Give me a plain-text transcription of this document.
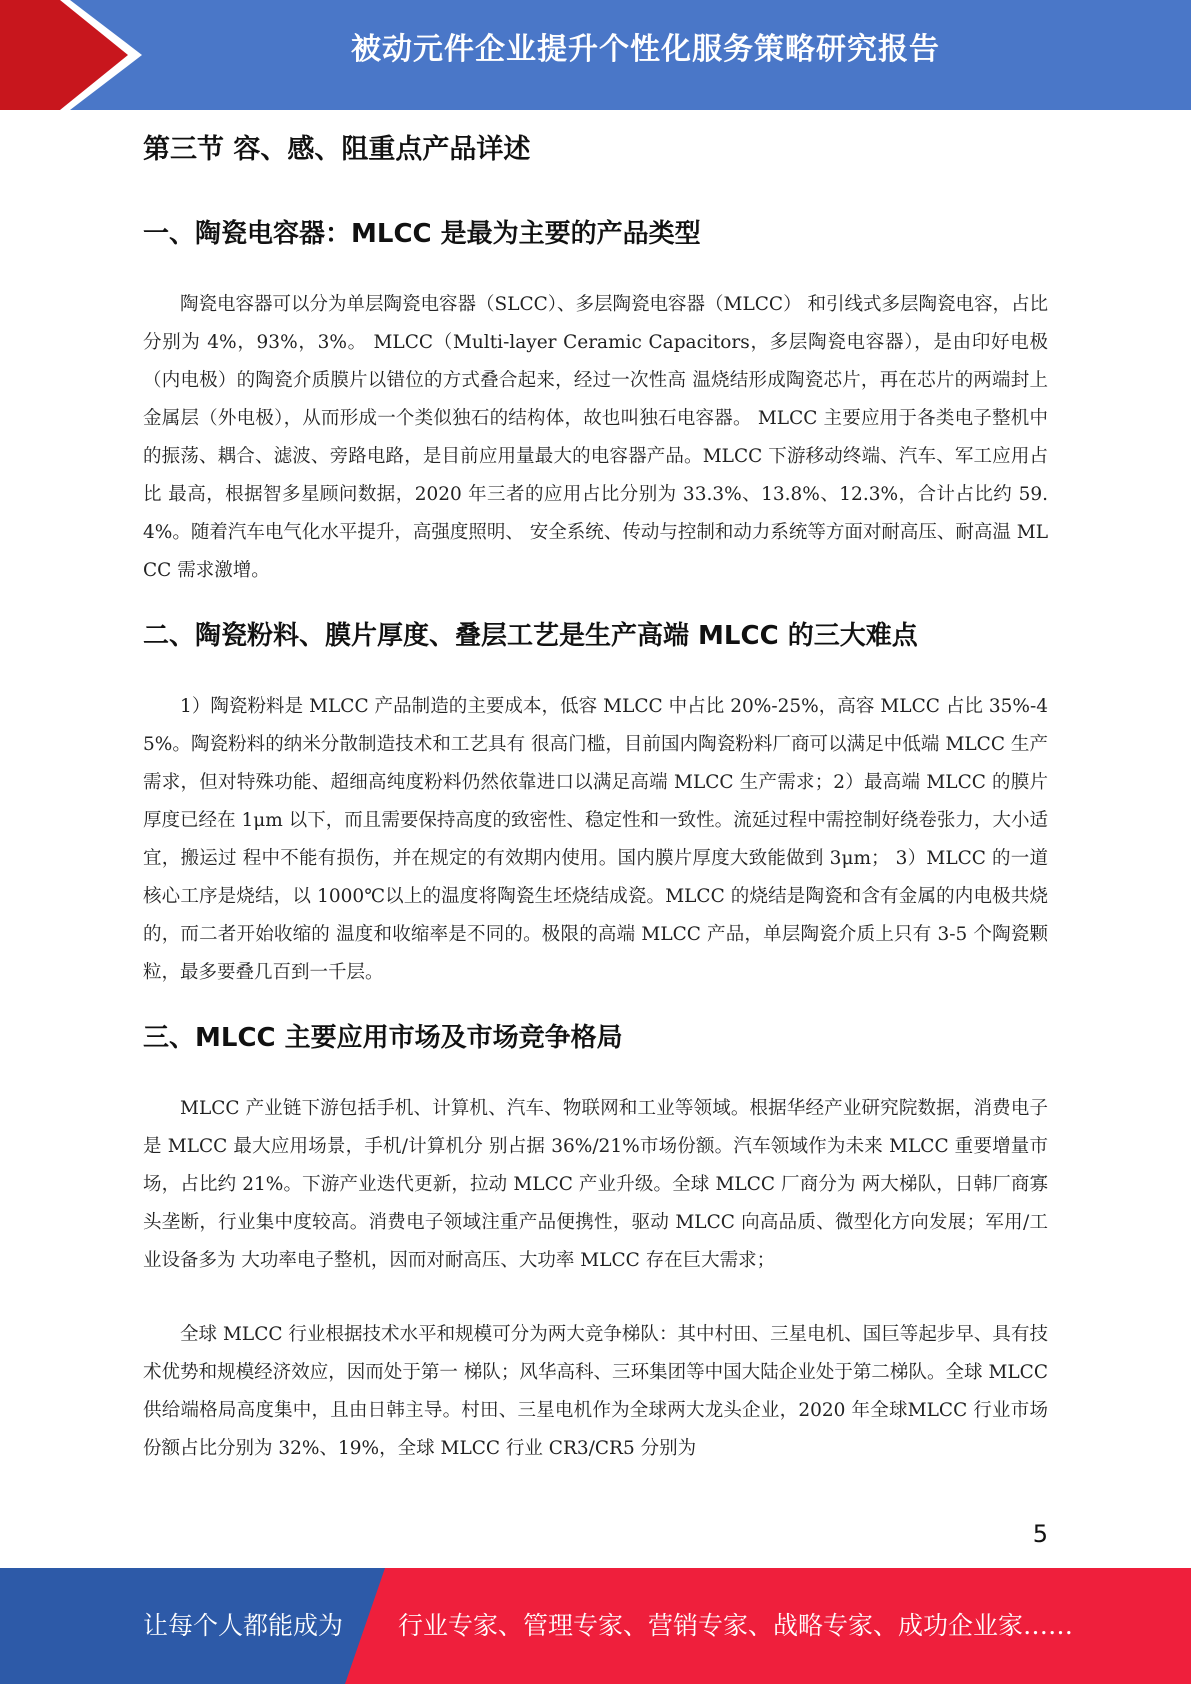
被动元件企业提升个性化服务策略研究报告
第三节 容、感、阻重点产品详述
一、陶瓷电容器：MLCC 是最为主要的产品类型

陶瓷电容器可以分为单层陶瓷电容器（SLCC）、多层陶瓷电容器（MLCC） 和引线式多层陶瓷电容，占比分别为 4%，93%，3%。 MLCC（Multi-layer Ceramic Capacitors，多层陶瓷电容器），是由印好电极（内电极）的陶瓷介质膜片以错位的方式叠合起来，经过一次性高 温烧结形成陶瓷芯片，再在芯片的两端封上金属层（外电极），从而形成一个类似独石的结构体，故也叫独石电容器。 MLCC 主要应用于各类电子整机中的振荡、耦合、滤波、旁路电路，是目前应用量最大的电容器产品。MLCC 下游移动终端、汽车、军工应用占比 最高，根据智多星顾问数据，2020 年三者的应用占比分别为 33.3%、13.8%、12.3%，合计占比约 59.4%。随着汽车电气化水平提升，高强度照明、 安全系统、传动与控制和动力系统等方面对耐高压、耐高温 MLCC 需求激增。

二、陶瓷粉料、膜片厚度、叠层工艺是生产高端 MLCC 的三大难点

1）陶瓷粉料是 MLCC 产品制造的主要成本，低容 MLCC 中占比 20%-25%，高容 MLCC 占比 35%-45%。陶瓷粉料的纳米分散制造技术和工艺具有 很高门槛，目前国内陶瓷粉料厂商可以满足中低端 MLCC 生产需求，但对特殊功能、超细高纯度粉料仍然依靠进口以满足高端 MLCC 生产需求；2）最高端 MLCC 的膜片厚度已经在 1μm 以下，而且需要保持高度的致密性、稳定性和一致性。流延过程中需控制好绕卷张力，大小适宜，搬运过 程中不能有损伤，并在规定的有效期内使用。国内膜片厚度大致能做到 3μm； 3）MLCC 的一道核心工序是烧结，以 1000℃以上的温度将陶瓷生坯烧结成瓷。MLCC 的烧结是陶瓷和含有金属的内电极共烧的，而二者开始收缩的 温度和收缩率是不同的。极限的高端 MLCC 产品，单层陶瓷介质上只有 3-5 个陶瓷颗粒，最多要叠几百到一千层。

三、MLCC 主要应用市场及市场竞争格局

MLCC 产业链下游包括手机、计算机、汽车、物联网和工业等领域。根据华经产业研究院数据，消费电子是 MLCC 最大应用场景，手机/计算机分 别占据 36%/21%市场份额。汽车领域作为未来 MLCC 重要增量市场，占比约 21%。下游产业迭代更新，拉动 MLCC 产业升级。全球 MLCC 厂商分为 两大梯队，日韩厂商寡头垄断，行业集中度较高。消费电子领域注重产品便携性，驱动 MLCC 向高品质、微型化方向发展；军用/工业设备多为 大功率电子整机，因而对耐高压、大功率 MLCC 存在巨大需求；

全球 MLCC 行业根据技术水平和规模可分为两大竞争梯队：其中村田、三星电机、国巨等起步早、具有技术优势和规模经济效应，因而处于第一 梯队；风华高科、三环集团等中国大陆企业处于第二梯队。全球 MLCC 供给端格局高度集中，且由日韩主导。村田、三星电机作为全球两大龙头企业，2020 年全球MLCC 行业市场份额占比分别为 32%、19%，全球 MLCC 行业 CR3/CR5 分别为

5
让每个人都能成为 行业专家、管理专家、营销专家、战略专家、成功企业家……
